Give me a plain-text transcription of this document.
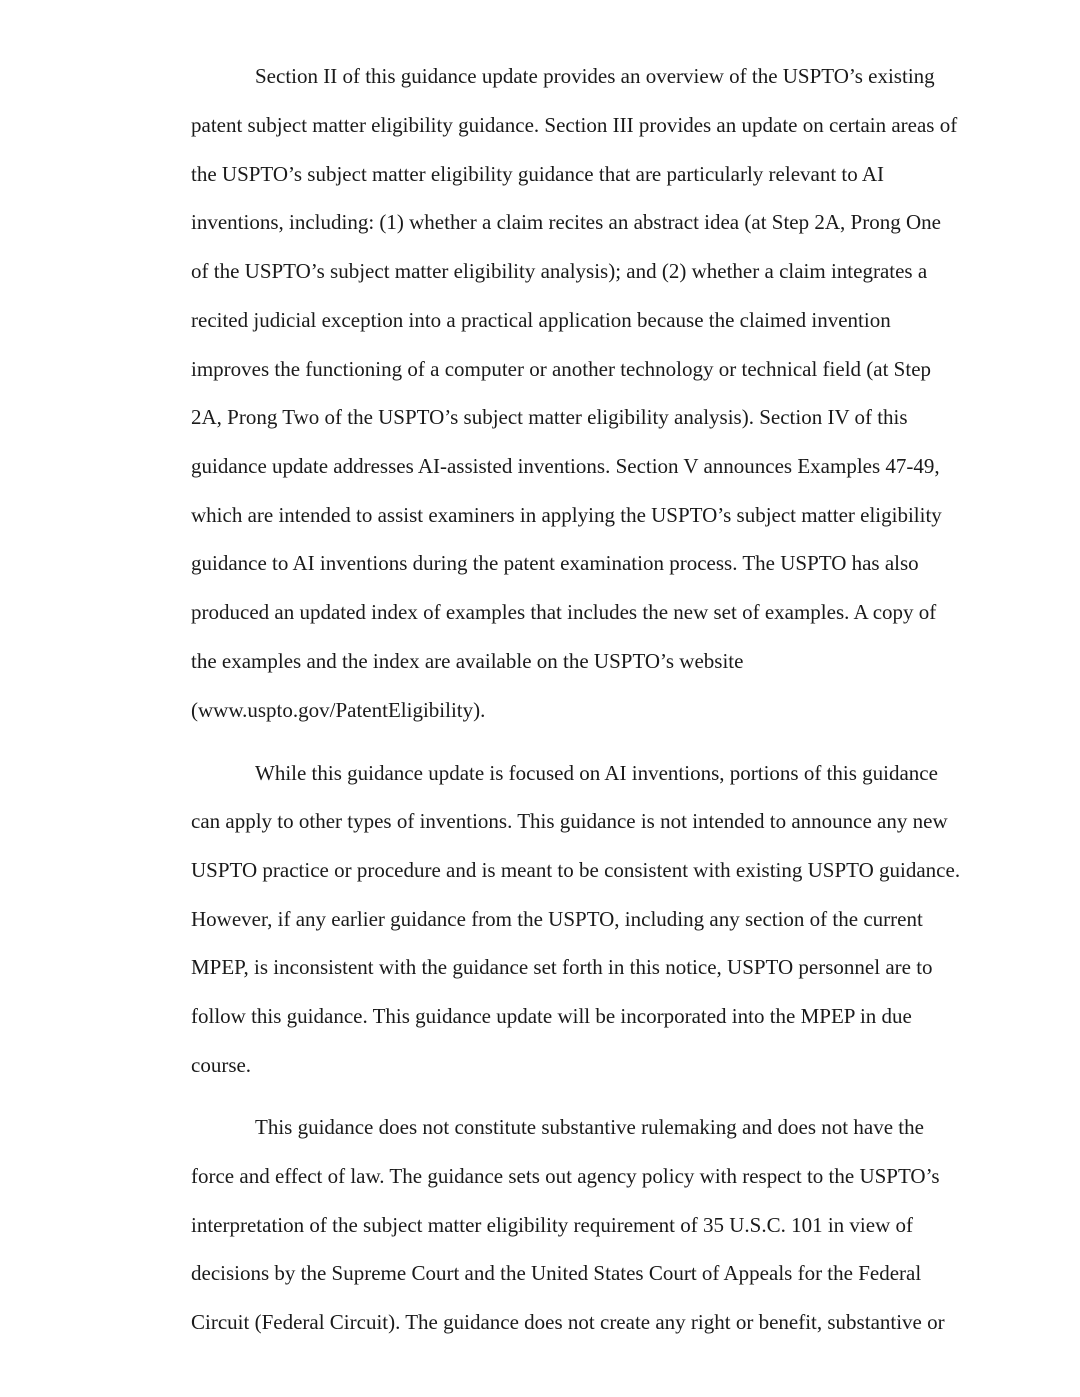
Section II of this guidance update provides an overview of the USPTO’s existing
patent subject matter eligibility guidance. Section III provides an update on certain areas of
the USPTO’s subject matter eligibility guidance that are particularly relevant to AI
inventions, including: (1) whether a claim recites an abstract idea (at Step 2A, Prong One
of the USPTO’s subject matter eligibility analysis); and (2) whether a claim integrates a
recited judicial exception into a practical application because the claimed invention
improves the functioning of a computer or another technology or technical field (at Step
2A, Prong Two of the USPTO’s subject matter eligibility analysis). Section IV of this
guidance update addresses AI-assisted inventions. Section V announces Examples 47-49,
which are intended to assist examiners in applying the USPTO’s subject matter eligibility
guidance to AI inventions during the patent examination process. The USPTO has also
produced an updated index of examples that includes the new set of examples. A copy of
the examples and the index are available on the USPTO’s website
(www.uspto.gov/PatentEligibility).
While this guidance update is focused on AI inventions, portions of this guidance
can apply to other types of inventions. This guidance is not intended to announce any new
USPTO practice or procedure and is meant to be consistent with existing USPTO guidance.
However, if any earlier guidance from the USPTO, including any section of the current
MPEP, is inconsistent with the guidance set forth in this notice, USPTO personnel are to
follow this guidance. This guidance update will be incorporated into the MPEP in due
course.
This guidance does not constitute substantive rulemaking and does not have the
force and effect of law. The guidance sets out agency policy with respect to the USPTO’s
interpretation of the subject matter eligibility requirement of 35 U.S.C. 101 in view of
decisions by the Supreme Court and the United States Court of Appeals for the Federal
Circuit (Federal Circuit). The guidance does not create any right or benefit, substantive or
